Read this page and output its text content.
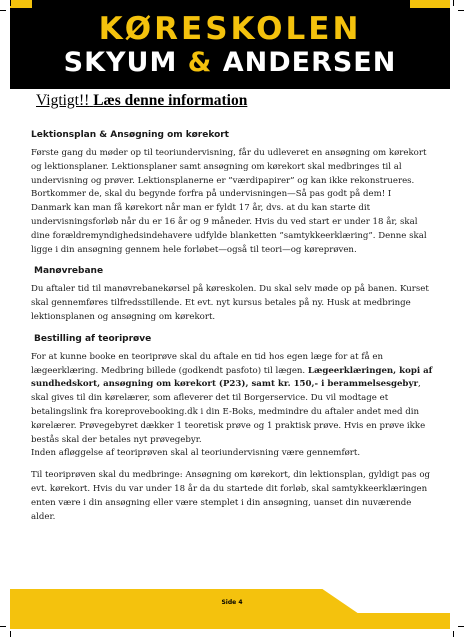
KØRESKOLEN
SKYUM & ANDERSEN
Vigtigt!! Læs denne information
Lektionsplan & Ansøgning om kørekort

Første gang du møder op til teoriundervisning, får du udleveret en ansøgning om kørekort og lektionsplaner. Lektionsplaner samt ansøgning om kørekort skal medbringes til al undervisning og prøver. Lektionsplanerne er ”værdipapirer” og kan ikke rekonstrueres. Bortkommer de, skal du begynde forfra på undervisningen—Så pas godt på dem! I Danmark kan man få kørekort når man er fyldt 17 år, dvs. at du kan starte dit undervisningsforløb når du er 16 år og 9 måneder. Hvis du ved start er under 18 år, skal dine forældremyndighedsindehavere udfylde blanketten ”samtykkeerklæring”. Denne skal ligge i din ansøgning gennem hele forløbet—også til teori—og køreprøven.

Manøvrebane

Du aftaler tid til manøvrebanekørsel på køreskolen. Du skal selv møde op på banen. Kurset skal gennemføres tilfredsstillende. Et evt. nyt kursus betales på ny. Husk at medbringe lektionsplanen og ansøgning om kørekort.

Bestilling af teoriprøve

For at kunne booke en teoriprøve skal du aftale en tid hos egen læge for at få en lægeerklæring. Medbring billede (godkendt pasfoto) til lægen. Lægeerklæringen, kopi af sundhedskort, ansøgning om kørekort (P23), samt kr. 150,- i berammelsesgebyr, skal gives til din kørelærer, som afleverer det til Borgerservice. Du vil modtage et betalingslink fra koreprovebooking.dk i din E-Boks, medmindre du aftaler andet med din kørelærer. Prøvegebyret dækker 1 teoretisk prøve og 1 praktisk prøve. Hvis en prøve ikke bestås skal der betales nyt prøvegebyr.
Inden afløggelse af teoriprøven skal al teoriundervisning være gennemført.

Til teoriprøven skal du medbringe: Ansøgning om kørekort, din lektionsplan, gyldigt pas og evt. kørekort. Hvis du var under 18 år da du startede dit forløb, skal samtykkeerklæringen enten være i din ansøgning eller være stemplet i din ansøgning, uanset din nuværende alder.

Side 4
